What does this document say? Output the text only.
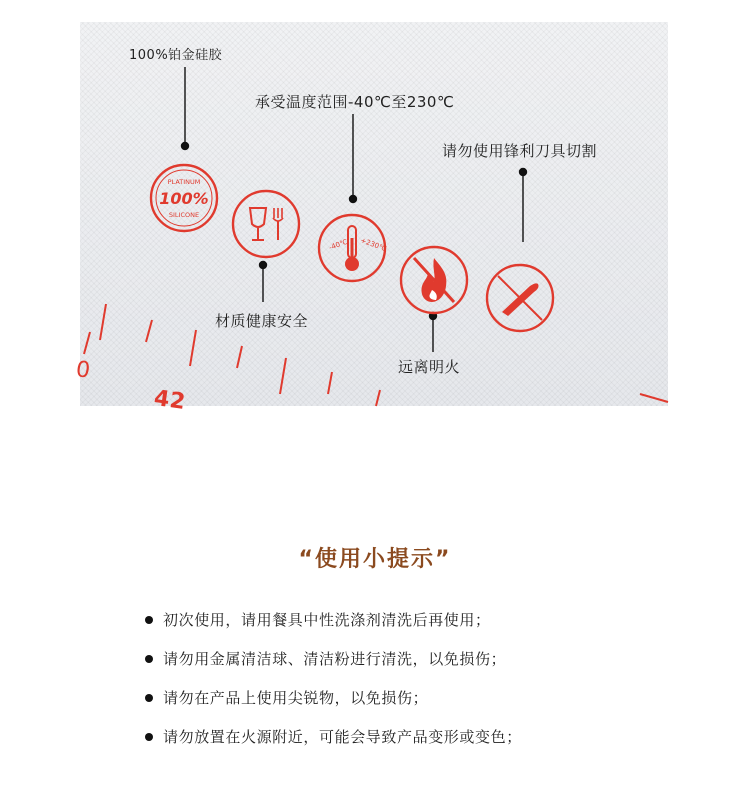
0
42
100%铂金硅胶
承受温度范围-40℃至230℃
请勿使用锋利刀具切割
材质健康安全
远离明火
PLATINUM
100%
SILICONE
-40℃ +230℃
“使用小提示”
初次使用，请用餐具中性洗涤剂清洗后再使用；
请勿用金属清洁球、清洁粉进行清洗，以免损伤；
请勿在产品上使用尖锐物，以免损伤；
请勿放置在火源附近，可能会导致产品变形或变色；
